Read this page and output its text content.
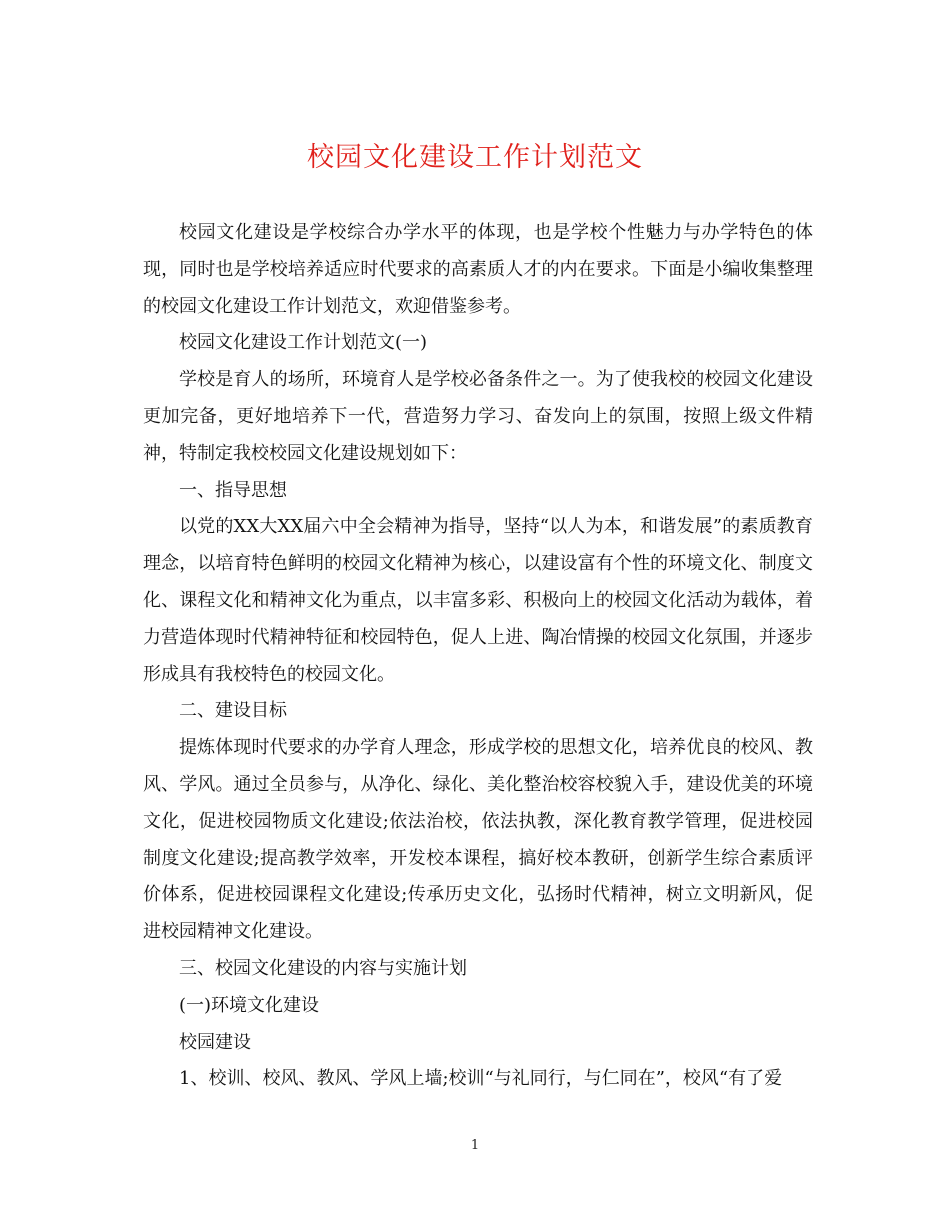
校园文化建设工作计划范文

校园文化建设是学校综合办学水平的体现，也是学校个性魅力与办学特色的体现，同时也是学校培养适应时代要求的高素质人才的内在要求。下面是小编收集整理的校园文化建设工作计划范文，欢迎借鉴参考。

校园文化建设工作计划范文(一)

学校是育人的场所，环境育人是学校必备条件之一。为了使我校的校园文化建设更加完备，更好地培养下一代，营造努力学习、奋发向上的氛围，按照上级文件精神，特制定我校校园文化建设规划如下：

一、指导思想

以党的XX大XX届六中全会精神为指导，坚持“以人为本，和谐发展”的素质教育理念，以培育特色鲜明的校园文化精神为核心，以建设富有个性的环境文化、制度文化、课程文化和精神文化为重点，以丰富多彩、积极向上的校园文化活动为载体，着力营造体现时代精神特征和校园特色，促人上进、陶冶情操的校园文化氛围，并逐步形成具有我校特色的校园文化。

二、建设目标

提炼体现时代要求的办学育人理念，形成学校的思想文化，培养优良的校风、教风、学风。通过全员参与，从净化、绿化、美化整治校容校貌入手，建设优美的环境文化，促进校园物质文化建设;依法治校，依法执教，深化教育教学管理，促进校园制度文化建设;提高教学效率，开发校本课程，搞好校本教研，创新学生综合素质评价体系，促进校园课程文化建设;传承历史文化，弘扬时代精神，树立文明新风，促进校园精神文化建设。

三、校园文化建设的内容与实施计划

(一)环境文化建设

校园建设

1、校训、校风、教风、学风上墙;校训“与礼同行，与仁同在”，校风“有了爱

1
